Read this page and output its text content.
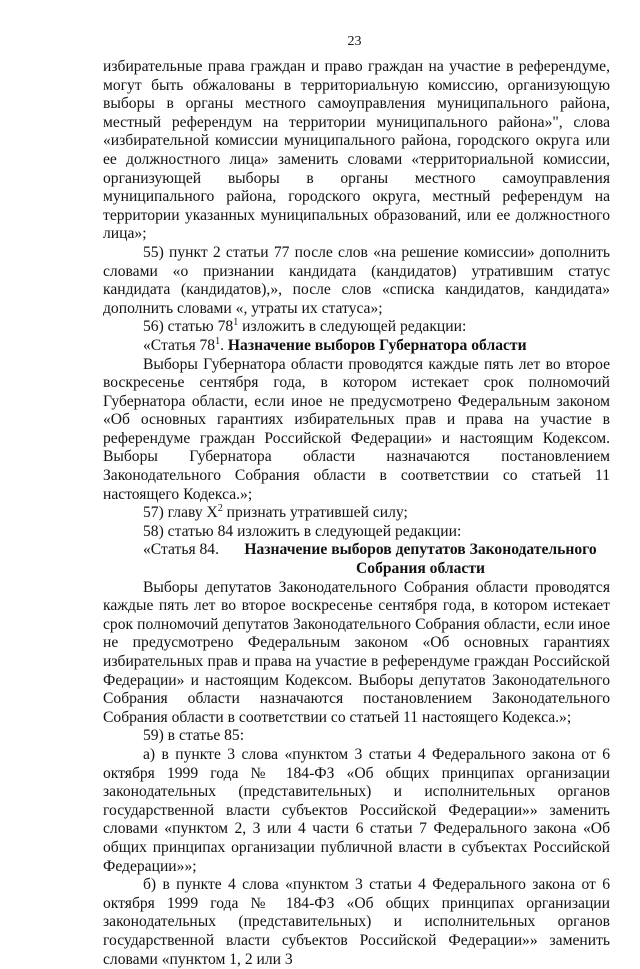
23

избирательные права граждан и право граждан на участие в референдуме, могут быть обжалованы в территориальную комиссию, организующую выборы в органы местного самоуправления муниципального района, местный референдум на территории муниципального района»", слова «избирательной комиссии муниципального района, городского округа или ее должностного лица» заменить словами «территориальной комиссии, организующей выборы в органы местного самоуправления муниципального района, городского округа, местный референдум на территории указанных муниципальных образований, или ее должностного лица»;

55) пункт 2 статьи 77 после слов «на решение комиссии» дополнить словами «о признании кандидата (кандидатов) утратившим статус кандидата (кандидатов),», после слов «списка кандидатов, кандидата» дополнить словами «, утраты их статуса»;

56) статью $78^1$ изложить в следующей редакции:

«Статья $78^1$. Назначение выборов Губернатора области

Выборы Губернатора области проводятся каждые пять лет во второе воскресенье сентября года, в котором истекает срок полномочий Губернатора области, если иное не предусмотрено Федеральным законом «Об основных гарантиях избирательных прав и права на участие в референдуме граждан Российской Федерации» и настоящим Кодексом. Выборы Губернатора области назначаются постановлением Законодательного Собрания области в соответствии со статьей 11 настоящего Кодекса.»;

57) главу $X^2$ признать утратившей силу;

58) статью 84 изложить в следующей редакции:

«Статья 84.	Назначение выборов депутатов Законодательного Собрания области

Выборы депутатов Законодательного Собрания области проводятся каждые пять лет во второе воскресенье сентября года, в котором истекает срок полномочий депутатов Законодательного Собрания области, если иное не предусмотрено Федеральным законом «Об основных гарантиях избирательных прав и права на участие в референдуме граждан Российской Федерации» и настоящим Кодексом. Выборы депутатов Законодательного Собрания области назначаются постановлением Законодательного Собрания области в соответствии со статьей 11 настоящего Кодекса.»;

59) в статье 85:

а) в пункте 3 слова «пунктом 3 статьи 4 Федерального закона от 6 октября 1999 года № 184-ФЗ «Об общих принципах организации законодательных (представительных) и исполнительных органов государственной власти субъектов Российской Федерации»» заменить словами «пунктом 2, 3 или 4 части 6 статьи 7 Федерального закона «Об общих принципах организации публичной власти в субъектах Российской Федерации»»;

б) в пункте 4 слова «пунктом 3 статьи 4 Федерального закона от 6 октября 1999 года № 184-ФЗ «Об общих принципах организации законодательных (представительных) и исполнительных органов государственной власти субъектов Российской Федерации»» заменить словами «пунктом 1, 2 или 3
